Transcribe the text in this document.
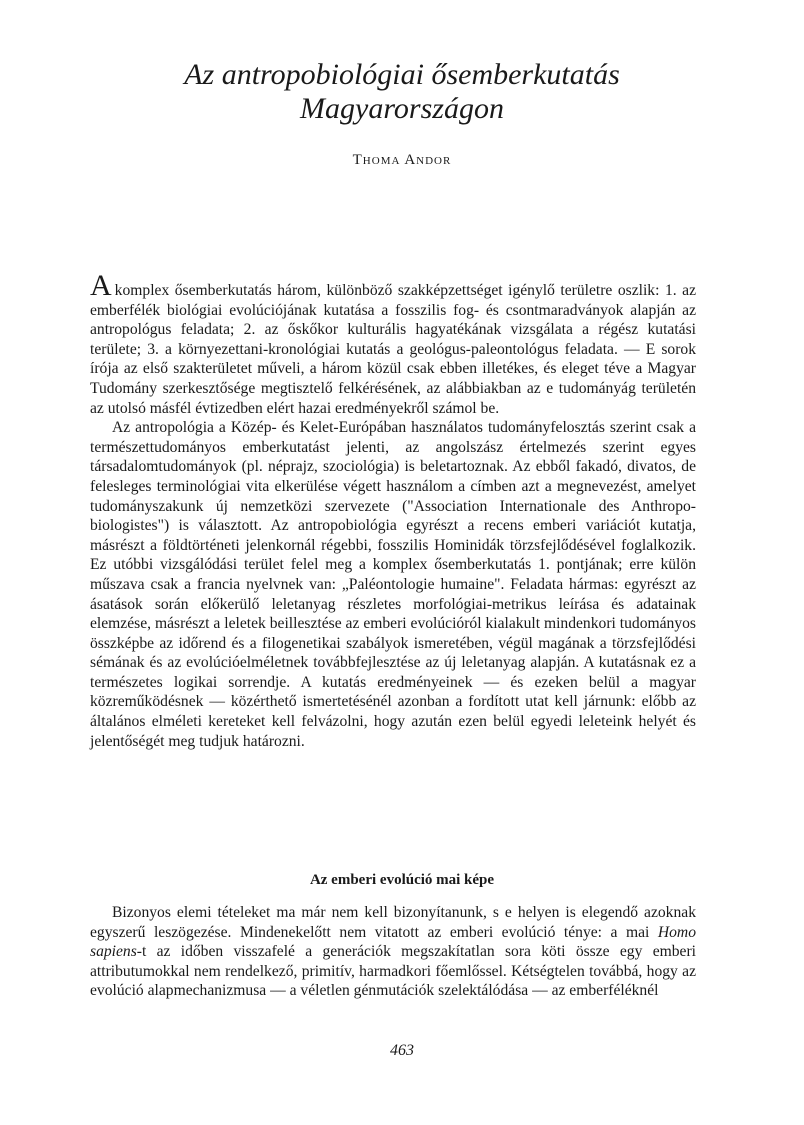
Az antropobiológiai ősemberkutatás
Magyarországon
Thoma Andor

Akomplex ősemberkutatás három, különböző szakképzettséget igénylő területre oszlik: 1. az emberfélék biológiai evolúciójának kutatása a fosszilis fog- és csontmaradványok alapján az antropológus feladata; 2. az őskőkor kulturális hagyatékának vizsgálata a régész kutatási területe; 3. a környezettani-kronológiai kutatás a geológus-paleontológus feladata. — E sorok írója az első szakterületet műveli, a három közül csak ebben illetékes, és eleget téve a Magyar Tudomány szerkesztősége megtisztelő felkérésének, az alábbiakban az e tudományág területén az utolsó másfél évtizedben elért hazai eredményekről számol be.

Az antropológia a Közép- és Kelet-Európában használatos tudományfelosztás szerint csak a természettudományos emberkutatást jelenti, az angolszász értelmezés szerint egyes társadalomtudományok (pl. néprajz, szociológia) is beletartoznak. Az ebből fakadó, divatos, de felesleges terminológiai vita elkerülése végett használom a címben azt a megnevezést, amelyet tudományszakunk új nemzetközi szervezete ("Association Internationale des Anthropo-biologistes") is választott. Az antropobiológia egyrészt a recens emberi variációt kutatja, másrészt a földtörténeti jelenkornál régebbi, fosszilis Hominidák törzsfejlődésével foglalkozik. Ez utóbbi vizsgálódási terület felel meg a komplex ősemberkutatás 1. pontjának; erre külön műszava csak a francia nyelvnek van: „Paléontologie humaine". Feladata hármas: egyrészt az ásatások során előkerülő leletanyag részletes morfológiai-metrikus leírása és adatainak elemzése, másrészt a leletek beillesztése az emberi evolúcióról kialakult mindenkori tudományos összképbe az időrend és a filogenetikai szabályok ismeretében, végül magának a törzsfejlődési sémának és az evolúcióelméletnek továbbfejlesztése az új leletanyag alapján. A kutatásnak ez a természetes logikai sorrendje. A kutatás eredményeinek — és ezeken belül a magyar közreműködésnek — közérthető ismertetésénél azonban a fordított utat kell járnunk: előbb az általános elméleti kereteket kell felvázolni, hogy azután ezen belül egyedi leleteink helyét és jelentőségét meg tudjuk határozni.

Az emberi evolúció mai képe

Bizonyos elemi tételeket ma már nem kell bizonyítanunk, s e helyen is elegendő azoknak egyszerű leszögezése. Mindenekelőtt nem vitatott az emberi evolúció ténye: a mai Homo sapiens-t az időben visszafelé a generációk megszakítatlan sora köti össze egy emberi attributumokkal nem rendelkező, primitív, harmadkori főemlőssel. Kétségtelen továbbá, hogy az evolúció alapmechanizmusa — a véletlen génmutációk szelektálódása — az emberféléknél

463
